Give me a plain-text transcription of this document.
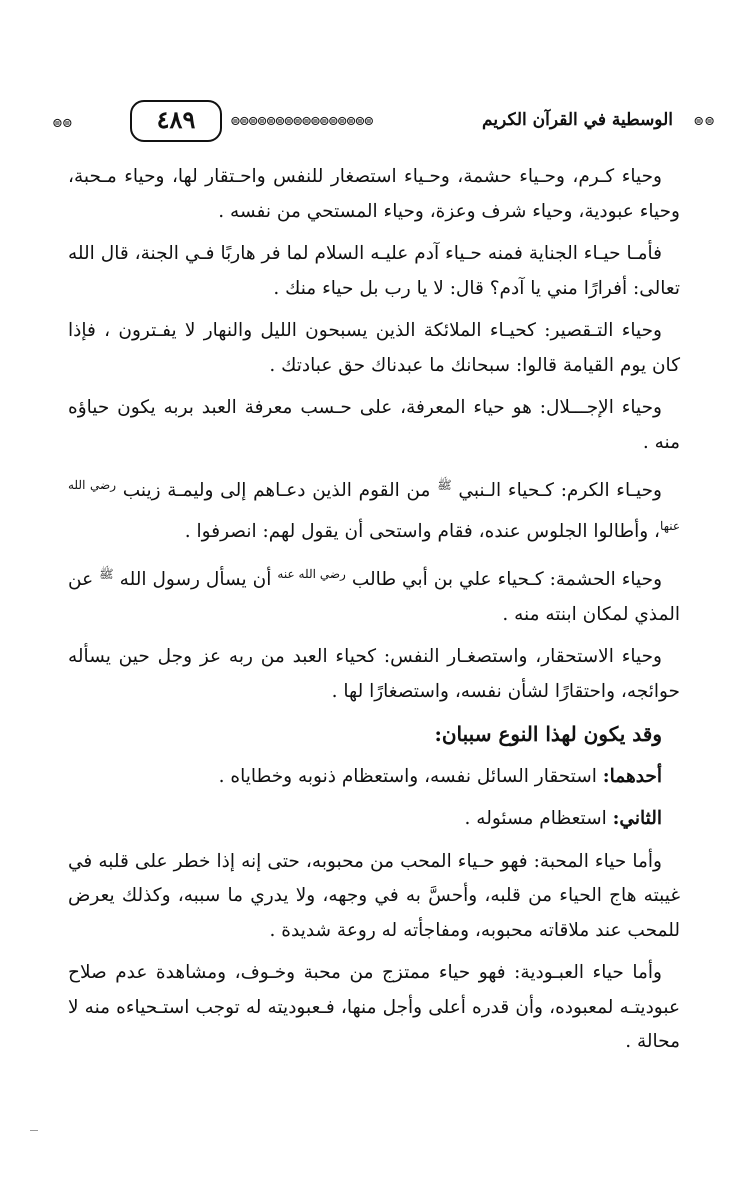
⊜⊜	٤٨٩	⊜⊜⊜⊜⊜⊜⊜⊜⊜⊜⊜⊜⊜⊜⊜⊜	الوسطية في القرآن الكريم ⊜⊜

وحياء كـرم، وحـياء حشمة، وحـياء استصغار للنفس واحـتقار لها، وحياء مـحبة، وحياء عبودية، وحياء شرف وعزة، وحياء المستحي من نفسه .

فأمـا حيـاء الجناية فمنه حـياء آدم عليـه السلام لما فر هاربًا فـي الجنة، قال الله تعالى: أفرارًا مني يا آدم؟ قال: لا يا رب بل حياء منك .

وحياء التـقصير: كحيـاء الملائكة الذين يسبحون الليل والنهار لا يفـترون ، فإذا كان يوم القيامة قالوا: سبحانك ما عبدناك حق عبادتك .

وحياء الإجـــلال: هو حياء المعرفة، على حـسب معرفة العبد بربه يكون حياؤه منه .

وحيـاء الكرم: كـحياء الـنبي $^ﷺ$ من القوم الذين دعـاهم إلى وليمـة زينب $^{رضي الله عنها}$، وأطالوا الجلوس عنده، فقام واستحى أن يقول لهم: انصرفوا .

وحياء الحشمة: كـحياء علي بن أبي طالب $^{رضي الله عنه}$ أن يسأل رسول الله $^ﷺ$ عن المذي لمكان ابنته منه .

وحياء الاستحقار، واستصغـار النفس: كحياء العبد من ربه عز وجل حين يسأله حوائجه، واحتقارًا لشأن نفسه، واستصغارًا لها .

وقد يكون لهذا النوع سببان:

أحدهما: استحقار السائل نفسه، واستعظام ذنوبه وخطاياه .

الثاني: استعظام مسئوله .

وأما حياء المحبة: فهو حـياء المحب من محبوبه، حتى إنه إذا خطر على قلبه في غيبته هاج الحياء من قلبه، وأحسَّ به في وجهه، ولا يدري ما سببه، وكذلك يعرض للمحب عند ملاقاته محبوبه، ومفاجأته له روعة شديدة .

وأما حياء العبـودية: فهو حياء ممتزج من محبة وخـوف، ومشاهدة عدم صلاح عبوديتـه لمعبوده، وأن قدره أعلى وأجل منها، فـعبوديته له توجب استـحياءه منه لا محالة .
